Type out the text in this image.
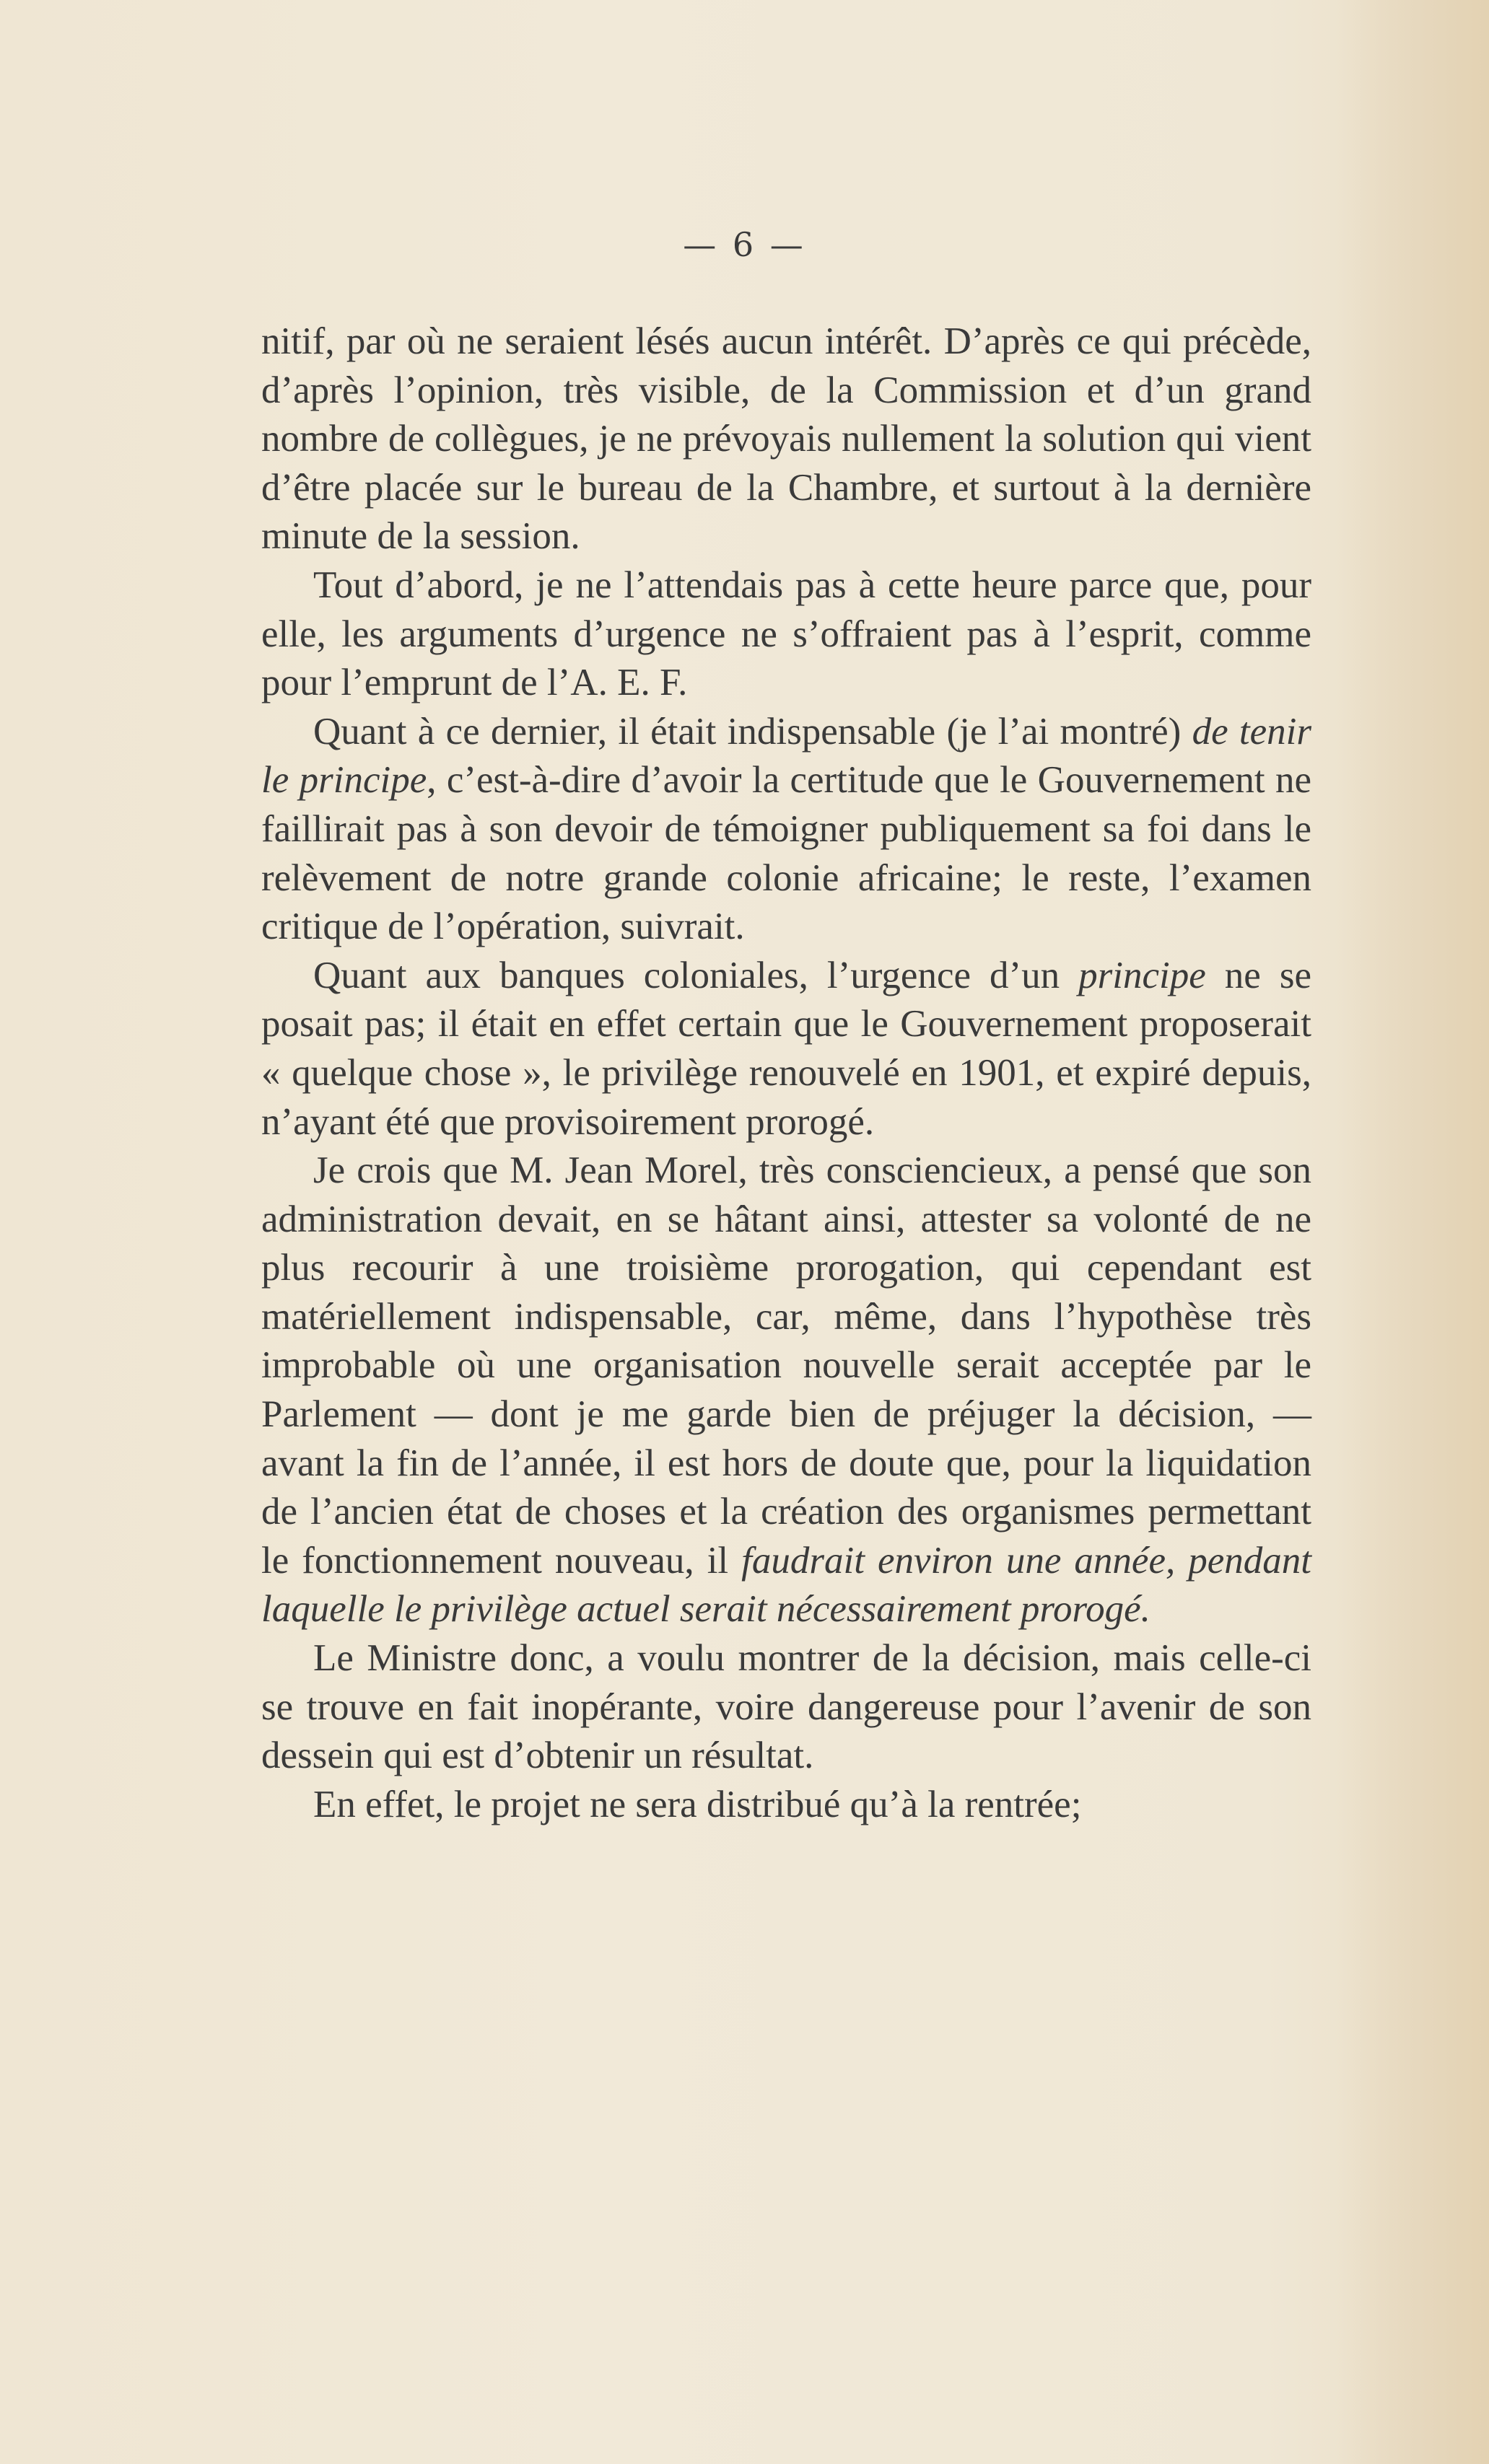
— 6 —

nitif, par où ne seraient lésés aucun intérêt. D’après ce qui précède, d’après l’opinion, très visible, de la Commission et d’un grand nombre de collègues, je ne prévoyais nullement la solution qui vient d’être placée sur le bureau de la Chambre, et surtout à la dernière minute de la session.

Tout d’abord, je ne l’attendais pas à cette heure parce que, pour elle, les arguments d’urgence ne s’offraient pas à l’esprit, comme pour l’emprunt de l’A. E. F.

Quant à ce dernier, il était indispensable (je l’ai montré) de tenir le principe, c’est-à-dire d’avoir la certitude que le Gouvernement ne faillirait pas à son devoir de témoigner publiquement sa foi dans le relèvement de notre grande colonie africaine; le reste, l’examen critique de l’opération, suivrait.

Quant aux banques coloniales, l’urgence d’un principe ne se posait pas; il était en effet certain que le Gouvernement proposerait « quelque chose », le privilège renouvelé en 1901, et expiré depuis, n’ayant été que provisoirement prorogé.

Je crois que M. Jean Morel, très consciencieux, a pensé que son administration devait, en se hâtant ainsi, attester sa volonté de ne plus recourir à une troisième prorogation, qui cependant est matériellement indispensable, car, même, dans l’hypothèse très improbable où une organisation nouvelle serait acceptée par le Parlement — dont je me garde bien de préjuger la décision, — avant la fin de l’année, il est hors de doute que, pour la liquidation de l’ancien état de choses et la création des organismes permettant le fonctionnement nouveau, il faudrait environ une année, pendant laquelle le privilège actuel serait nécessairement prorogé.

Le Ministre donc, a voulu montrer de la décision, mais celle-ci se trouve en fait inopérante, voire dangereuse pour l’avenir de son dessein qui est d’obtenir un résultat.

En effet, le projet ne sera distribué qu’à la rentrée;
